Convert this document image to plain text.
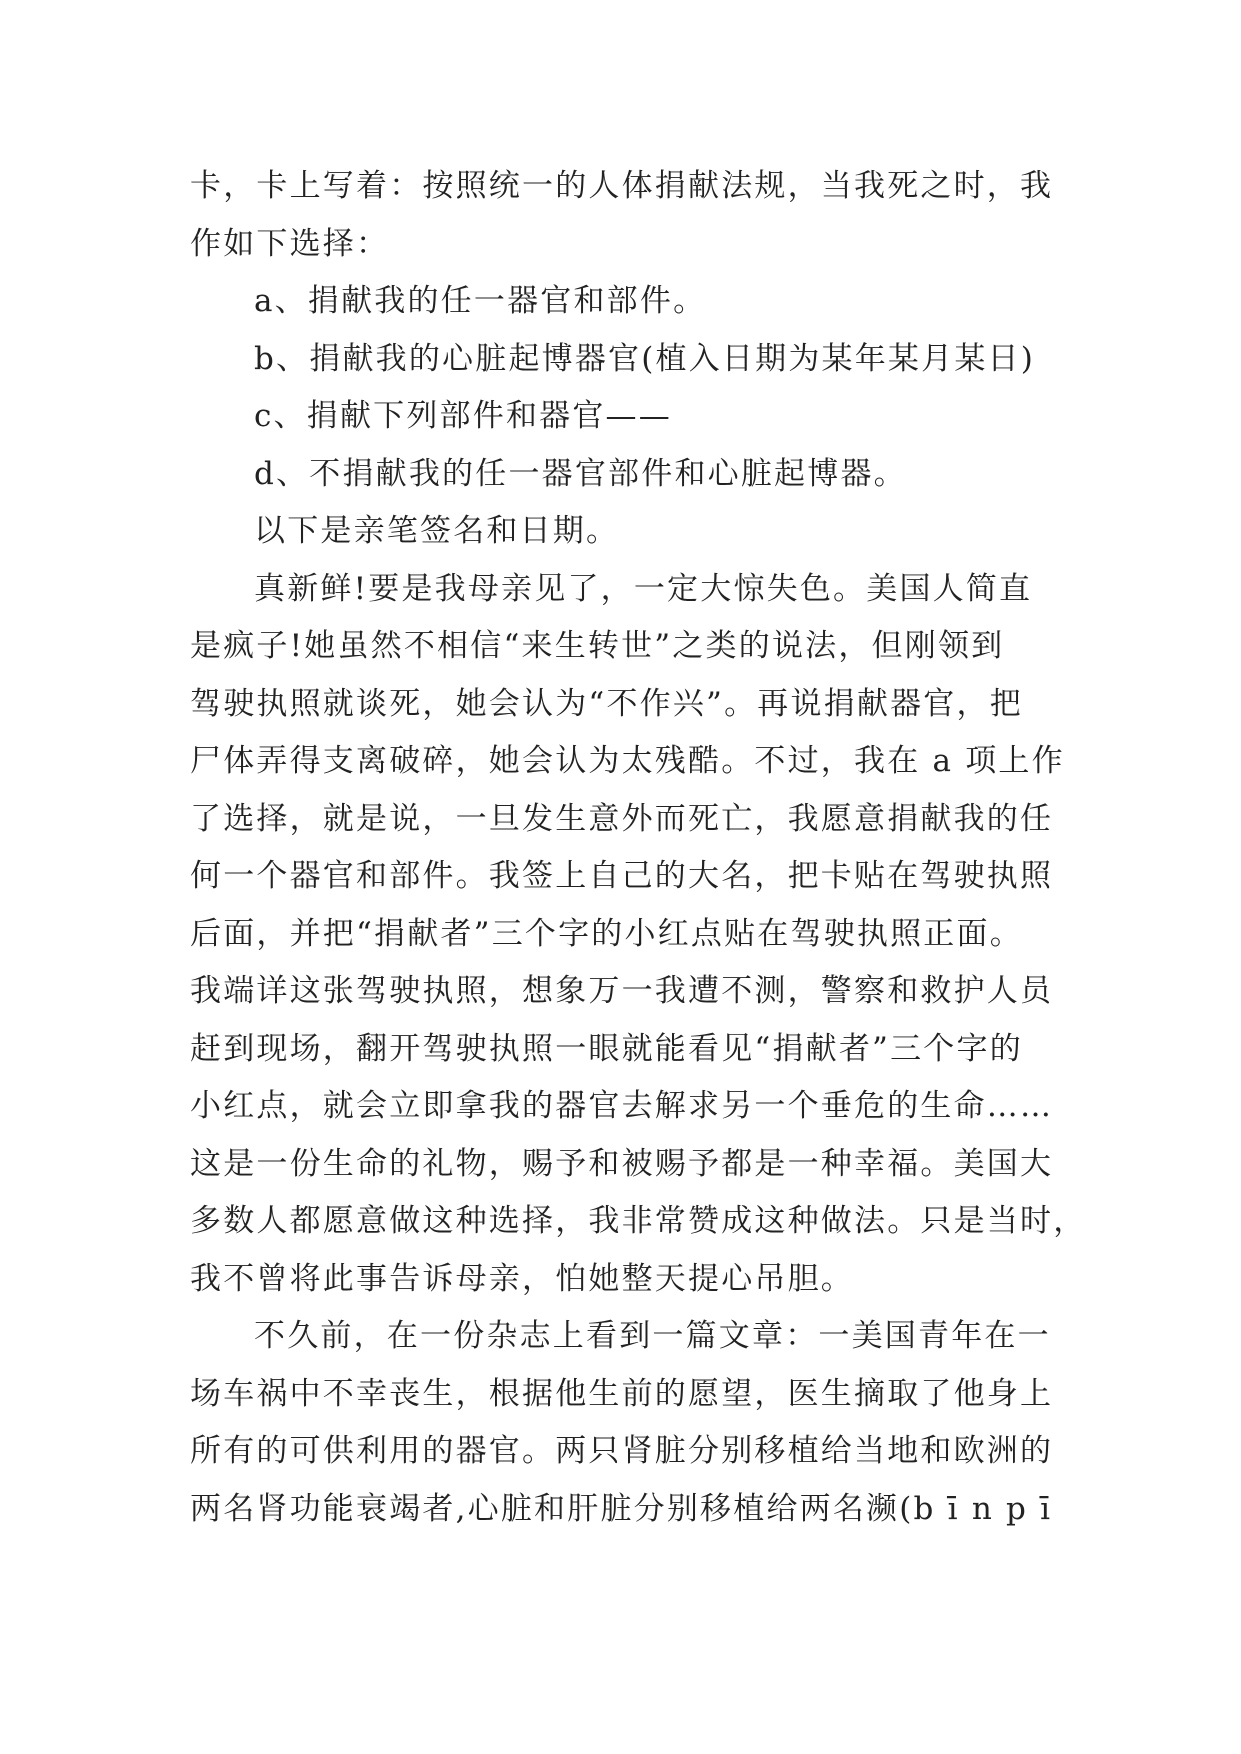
卡，卡上写着：按照统一的人体捐献法规，当我死之时，我

作如下选择：

a、捐献我的任一器官和部件。

b、捐献我的心脏起博器官(植入日期为某年某月某日)

c、捐献下列部件和器官——

d、不捐献我的任一器官部件和心脏起博器。

以下是亲笔签名和日期。

真新鲜!要是我母亲见了，一定大惊失色。美国人简直

是疯子!她虽然不相信“来生转世”之类的说法，但刚领到

驾驶执照就谈死，她会认为“不作兴”。再说捐献器官，把

尸体弄得支离破碎，她会认为太残酷。不过，我在 a 项上作

了选择，就是说，一旦发生意外而死亡，我愿意捐献我的任

何一个器官和部件。我签上自己的大名，把卡贴在驾驶执照

后面，并把“捐献者”三个字的小红点贴在驾驶执照正面。

我端详这张驾驶执照，想象万一我遭不测，警察和救护人员

赶到现场，翻开驾驶执照一眼就能看见“捐献者”三个字的

小红点，就会立即拿我的器官去解求另一个垂危的生命……

这是一份生命的礼物，赐予和被赐予都是一种幸福。美国大

多数人都愿意做这种选择，我非常赞成这种做法。只是当时，

我不曾将此事告诉母亲，怕她整天提心吊胆。

不久前，在一份杂志上看到一篇文章：一美国青年在一

场车祸中不幸丧生，根据他生前的愿望，医生摘取了他身上

所有的可供利用的器官。两只肾脏分别移植给当地和欧洲的

两名肾功能衰竭者,心脏和肝脏分别移植给两名濒(b ī n p ī
